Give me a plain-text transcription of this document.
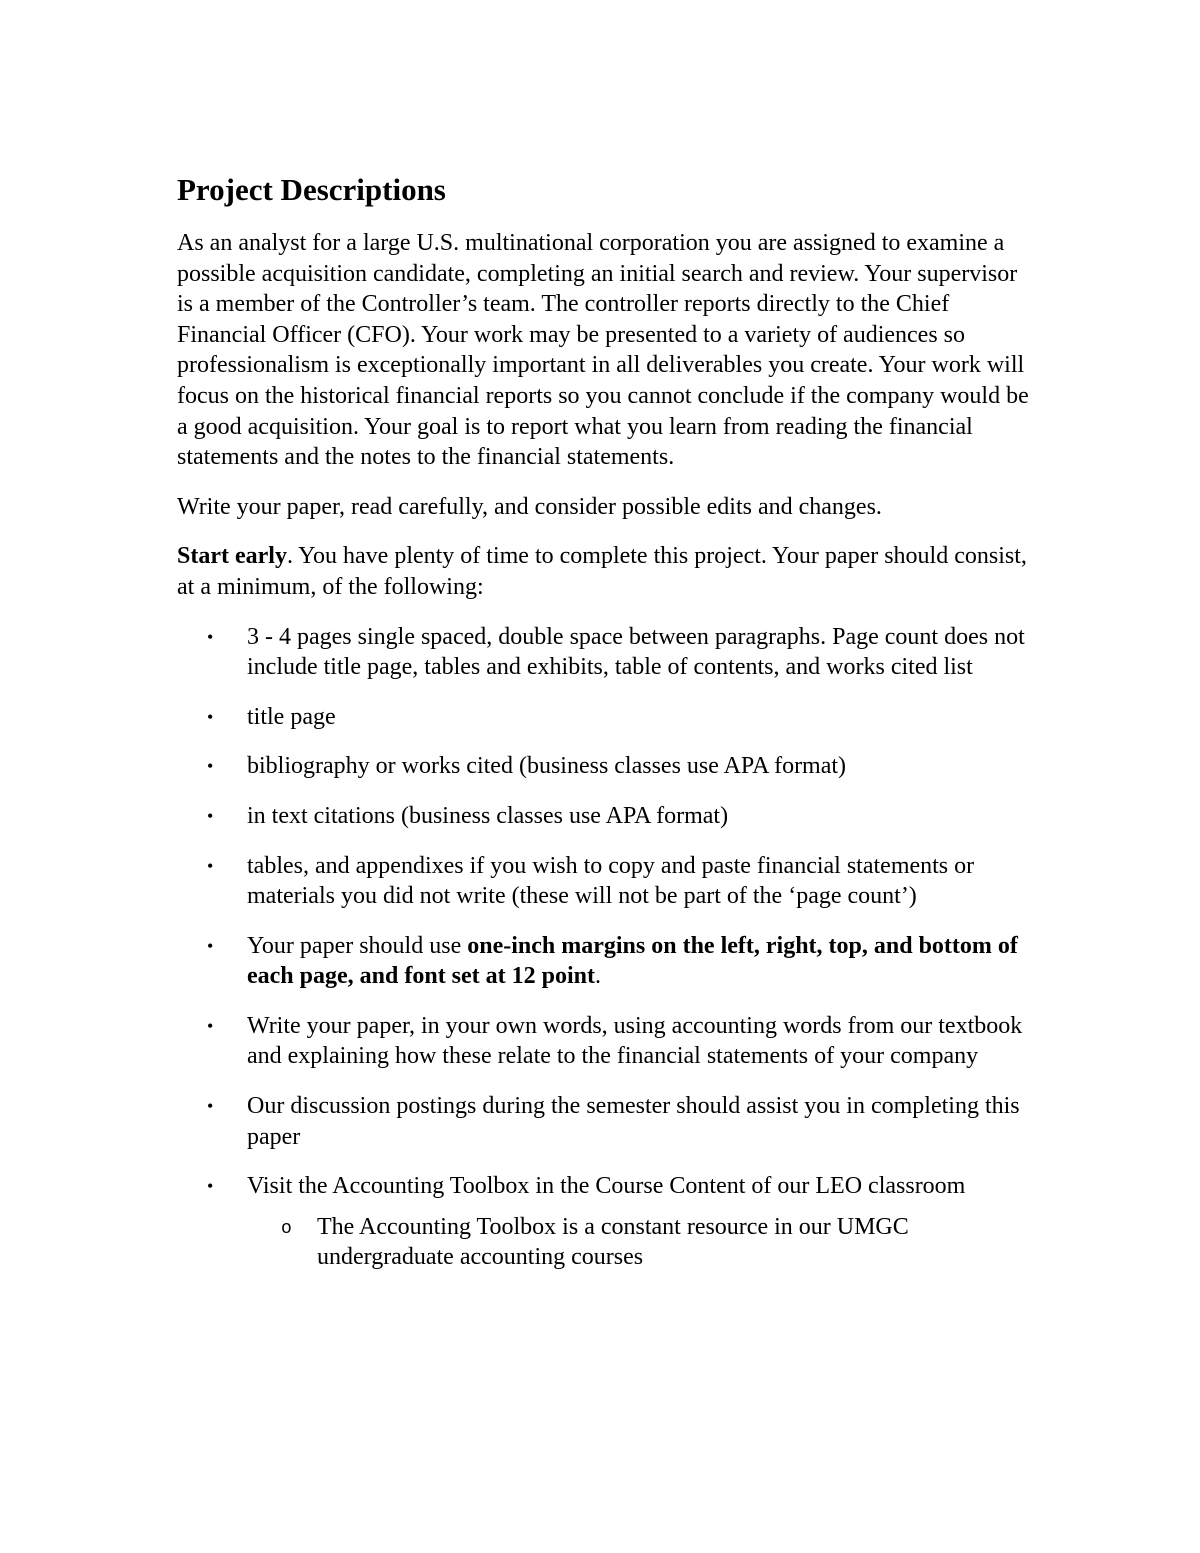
Project Descriptions

As an analyst for a large U.S. multinational corporation you are assigned to examine a possible acquisition candidate, completing an initial search and review. Your supervisor is a member of the Controller’s team. The controller reports directly to the Chief Financial Officer (CFO). Your work may be presented to a variety of audiences so professionalism is exceptionally important in all deliverables you create. Your work will focus on the historical financial reports so you cannot conclude if the company would be a good acquisition. Your goal is to report what you learn from reading the financial statements and the notes to the financial statements.

Write your paper, read carefully, and consider possible edits and changes.

Start early. You have plenty of time to complete this project. Your paper should consist, at a minimum, of the following:

• 3 - 4 pages single spaced, double space between paragraphs. Page count does not include title page, tables and exhibits, table of contents, and works cited list
• title page
• bibliography or works cited (business classes use APA format)
• in text citations (business classes use APA format)
• tables, and appendixes if you wish to copy and paste financial statements or materials you did not write (these will not be part of the ‘page count’)
• Your paper should use one-inch margins on the left, right, top, and bottom of each page, and font set at 12 point.
• Write your paper, in your own words, using accounting words from our textbook and explaining how these relate to the financial statements of your company
• Our discussion postings during the semester should assist you in completing this paper
• Visit the Accounting Toolbox in the Course Content of our LEO classroom
o The Accounting Toolbox is a constant resource in our UMGC undergraduate accounting courses
